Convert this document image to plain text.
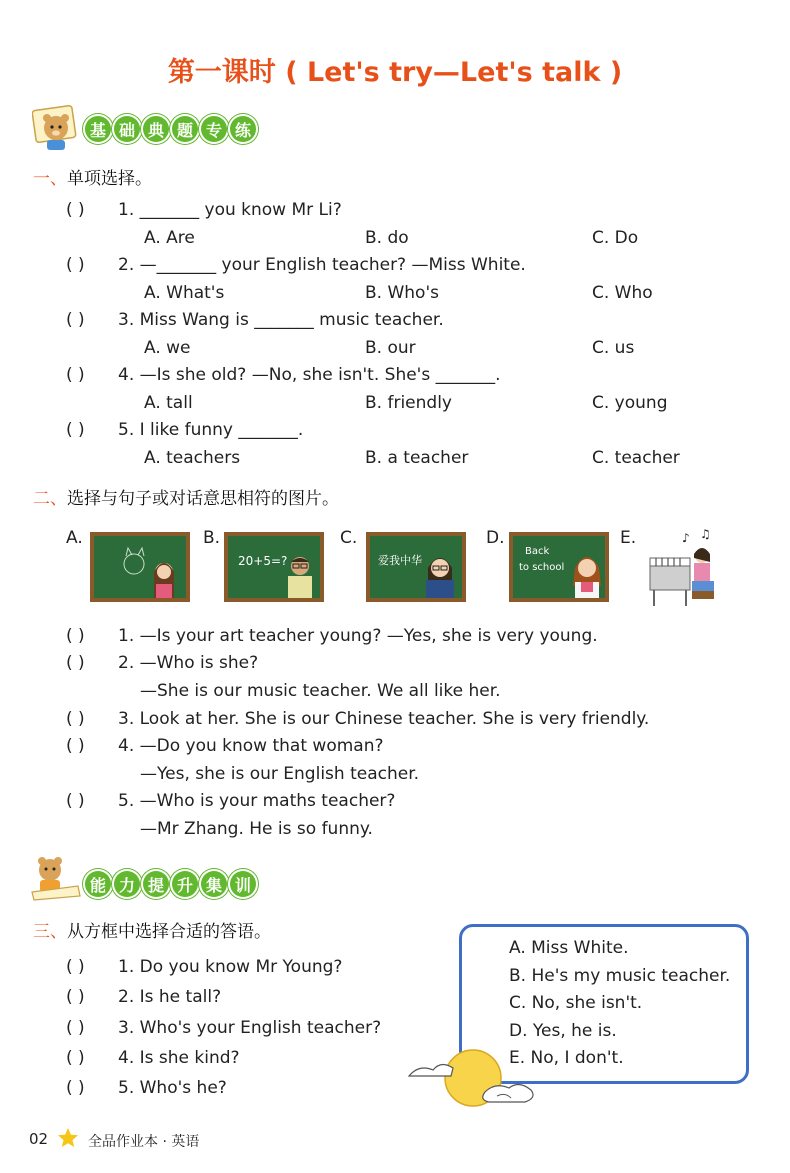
第一课时 ( Let's try—Let's talk )
基 础 典 题 专 练
一、单项选择。
( ) 1. _______ you know Mr Li?
A. Are	B. do	C. Do
( ) 2. —_______ your English teacher? —Miss White.
A. What's	B. Who's	C. Who
( ) 3. Miss Wang is _______ music teacher.
A. we	B. our	C. us
( ) 4. —Is she old? —No, she isn't. She's _______.
A. tall	B. friendly	C. young
( ) 5. I like funny _______.
A. teachers	B. a teacher	C. teacher
二、选择与句子或对话意思相符的图片。
A.	B.
20+5=?
C.
爱我中华
D.
Back
to school
E.	♪ ♫
( ) 1. —Is your art teacher young? —Yes, she is very young.
( ) 2. —Who is she?
—She is our music teacher. We all like her.
( ) 3. Look at her. She is our Chinese teacher. She is very friendly.
( ) 4. —Do you know that woman?
—Yes, she is our English teacher.
( ) 5. —Who is your maths teacher?
—Mr Zhang. He is so funny.
能 力 提 升 集 训
三、从方框中选择合适的答语。
( ) 1. Do you know Mr Young?
( ) 2. Is he tall?
( ) 3. Who's your English teacher?
( ) 4. Is she kind?
( ) 5. Who's he?
A. Miss White.
B. He's my music teacher.
C. No, she isn't.
D. Yes, he is.
E. No, I don't.
02	全品作业本 · 英语
